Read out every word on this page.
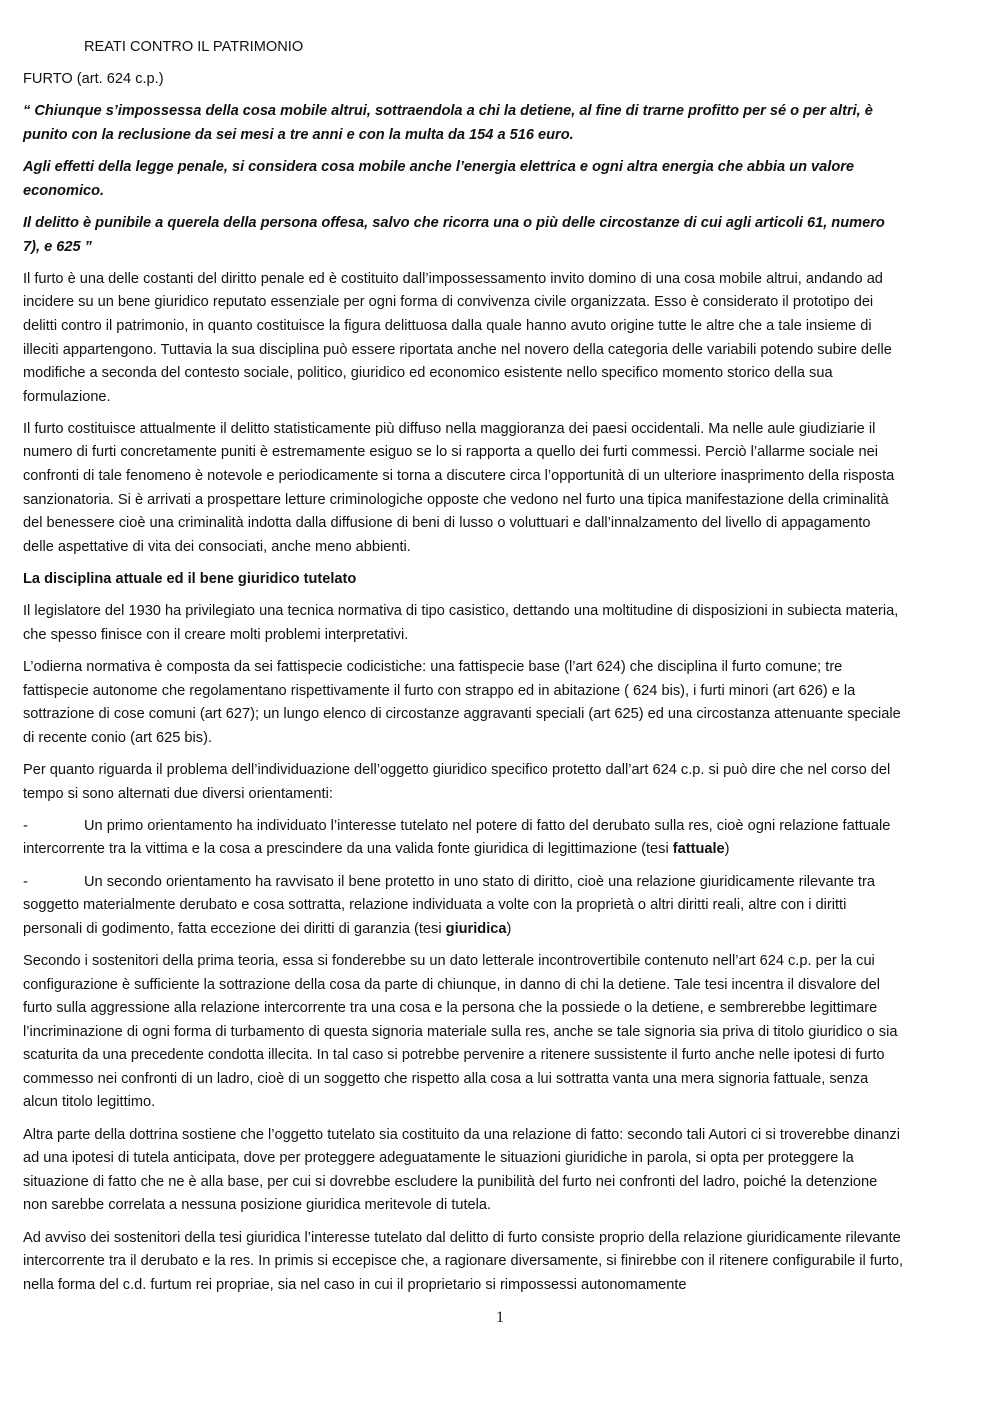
REATI CONTRO IL PATRIMONIO

FURTO (art. 624 c.p.)

“ Chiunque s’impossessa della cosa mobile altrui, sottraendola a chi la detiene, al fine di trarne profitto per sé o per altri, è punito con la reclusione da sei mesi a tre anni e con la multa da 154 a 516 euro.

Agli effetti della legge penale, si considera cosa mobile anche l’energia elettrica e ogni altra energia che abbia un valore economico.

Il delitto è punibile a querela della persona offesa, salvo che ricorra una o più delle circostanze di cui agli articoli 61, numero 7), e 625 ”

Il furto è una delle costanti del diritto penale ed è costituito dall’impossessamento invito domino di una cosa mobile altrui, andando ad incidere su un bene giuridico reputato essenziale per ogni forma di convivenza civile organizzata. Esso è considerato il prototipo dei delitti contro il patrimonio, in quanto costituisce la figura delittuosa dalla quale hanno avuto origine tutte le altre che a tale insieme di illeciti appartengono. Tuttavia la sua disciplina può essere riportata anche nel novero della categoria delle variabili potendo subire delle modifiche a seconda del contesto sociale, politico, giuridico ed economico esistente nello specifico momento storico della sua formulazione.

Il furto costituisce attualmente il delitto statisticamente più diffuso nella maggioranza dei paesi occidentali. Ma nelle aule giudiziarie il numero di furti concretamente puniti è estremamente esiguo se lo si rapporta a quello dei furti commessi. Perciò l’allarme sociale nei confronti di tale fenomeno è notevole e periodicamente si torna a discutere circa l’opportunità di un ulteriore inasprimento della risposta sanzionatoria. Si è arrivati a prospettare letture criminologiche opposte che vedono nel furto una tipica manifestazione della criminalità del benessere cioè una criminalità indotta dalla diffusione di beni di lusso o voluttuari e dall’innalzamento del livello di appagamento delle aspettative di vita dei consociati, anche meno abbienti.

La disciplina attuale ed il bene giuridico tutelato

Il legislatore del 1930 ha privilegiato una tecnica normativa di tipo casistico, dettando una moltitudine di disposizioni in subiecta materia, che spesso finisce con il creare molti problemi interpretativi.

L’odierna normativa è composta da sei fattispecie codicistiche: una fattispecie base (l’art 624) che disciplina il furto comune; tre fattispecie autonome che regolamentano rispettivamente il furto con strappo ed in abitazione ( 624 bis), i furti minori (art 626) e la sottrazione di cose comuni (art 627); un lungo elenco di circostanze aggravanti speciali (art 625) ed una circostanza attenuante speciale di recente conio (art 625 bis).

Per quanto riguarda il problema dell’individuazione dell’oggetto giuridico specifico protetto dall’art 624 c.p. si può dire che nel corso del tempo si sono alternati due diversi orientamenti:

-	Un primo orientamento ha individuato l’interesse tutelato nel potere di fatto del derubato sulla res, cioè ogni relazione fattuale intercorrente tra la vittima e la cosa a prescindere da una valida fonte giuridica di legittimazione (tesi fattuale)

-	Un secondo orientamento ha ravvisato il bene protetto in uno stato di diritto, cioè una relazione giuridicamente rilevante tra soggetto materialmente derubato e cosa sottratta, relazione individuata a volte con la proprietà o altri diritti reali, altre con i diritti personali di godimento, fatta eccezione dei diritti di garanzia (tesi giuridica)

Secondo i sostenitori della prima teoria, essa si fonderebbe su un dato letterale incontrovertibile contenuto nell’art 624 c.p. per la cui configurazione è sufficiente la sottrazione della cosa da parte di chiunque, in danno di chi la detiene. Tale tesi incentra il disvalore del furto sulla aggressione alla relazione intercorrente tra una cosa e la persona che la possiede o la detiene, e sembrerebbe legittimare l’incriminazione di ogni forma di turbamento di questa signoria materiale sulla res, anche se tale signoria sia priva di titolo giuridico o sia scaturita da una precedente condotta illecita. In tal caso si potrebbe pervenire a ritenere sussistente il furto anche nelle ipotesi di furto commesso nei confronti di un ladro, cioè di un soggetto che rispetto alla cosa a lui sottratta vanta una mera signoria fattuale, senza alcun titolo legittimo.

Altra parte della dottrina sostiene che l’oggetto tutelato sia costituito da una relazione di fatto: secondo tali Autori ci si troverebbe dinanzi ad una ipotesi di tutela anticipata, dove per proteggere adeguatamente le situazioni giuridiche in parola, si opta per proteggere la situazione di fatto che ne è alla base, per cui si dovrebbe escludere la punibilità del furto nei confronti del ladro, poiché la detenzione non sarebbe correlata a nessuna posizione giuridica meritevole di tutela.

Ad avviso dei sostenitori della tesi giuridica l’interesse tutelato dal delitto di furto consiste proprio della relazione giuridicamente rilevante intercorrente tra il derubato e la res. In primis si eccepisce che, a ragionare diversamente, si finirebbe con il ritenere configurabile il furto, nella forma del c.d. furtum rei propriae, sia nel caso in cui il proprietario si rimpossessi autonomamente

1
